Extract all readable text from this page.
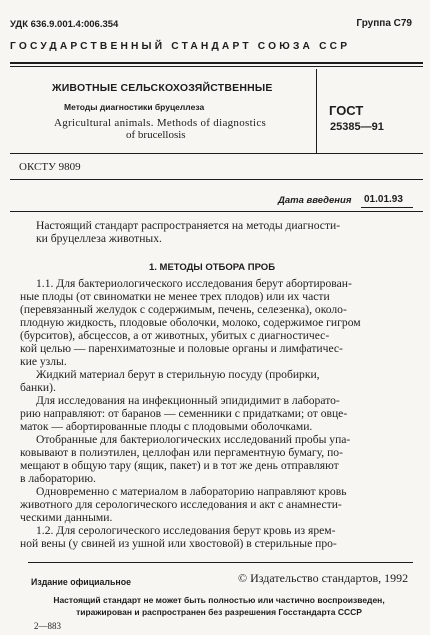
УДК 636.9.001.4:006.354	Группа С79
ГОСУДАРСТВЕННЫЙ СТАНДАРТ СОЮЗА ССР
ЖИВОТНЫЕ СЕЛЬСКОХОЗЯЙСТВЕННЫЕ
Методы диагностики бруцеллеза
Agricultural animals. Methods of diagnostics
of brucellosis
ГОСТ
25385—91
ОКСТУ 9809
Дата введения 01.01.93
Настоящий стандарт распространяется на методы диагности-
ки бруцеллеза животных.
1. МЕТОДЫ ОТБОРА ПРОБ
1.1. Для бактериологического исследования берут абортирован-
ные плоды (от свиноматки не менее трех плодов) или их части
(перевязанный желудок с содержимым, печень, селезенка), около-
плодную жидкость, плодовые оболочки, молоко, содержимое гигром
(бурситов), абсцессов, а от животных, убитых с диагностичес-
кой целью — паренхиматозные и половые органы и лимфатичес-
кие узлы.
Жидкий материал берут в стерильную посуду (пробирки,
банки).
Для исследования на инфекционный эпидидимит в лаборато-
рию направляют: от баранов — семенники с придатками; от овце-
маток — абортированные плоды с плодовыми оболочками.
Отобранные для бактериологических исследований пробы упа-
ковывают в полиэтилен, целлофан или пергаментную бумагу, по-
мещают в общую тару (ящик, пакет) и в тот же день отправляют
в лабораторию.
Одновременно с материалом в лабораторию направляют кровь
животного для серологического исследования и акт с анамнести-
ческими данными.
1.2. Для серологического исследования берут кровь из ярем-
ной вены (у свиней из ушной или хвостовой) в стерильные про-
Издание официальное	© Издательство стандартов, 1992
Настоящий стандарт не может быть полностью или частично воспроизведен,
тиражирован и распространен без разрешения Госстандарта СССР
2—883
